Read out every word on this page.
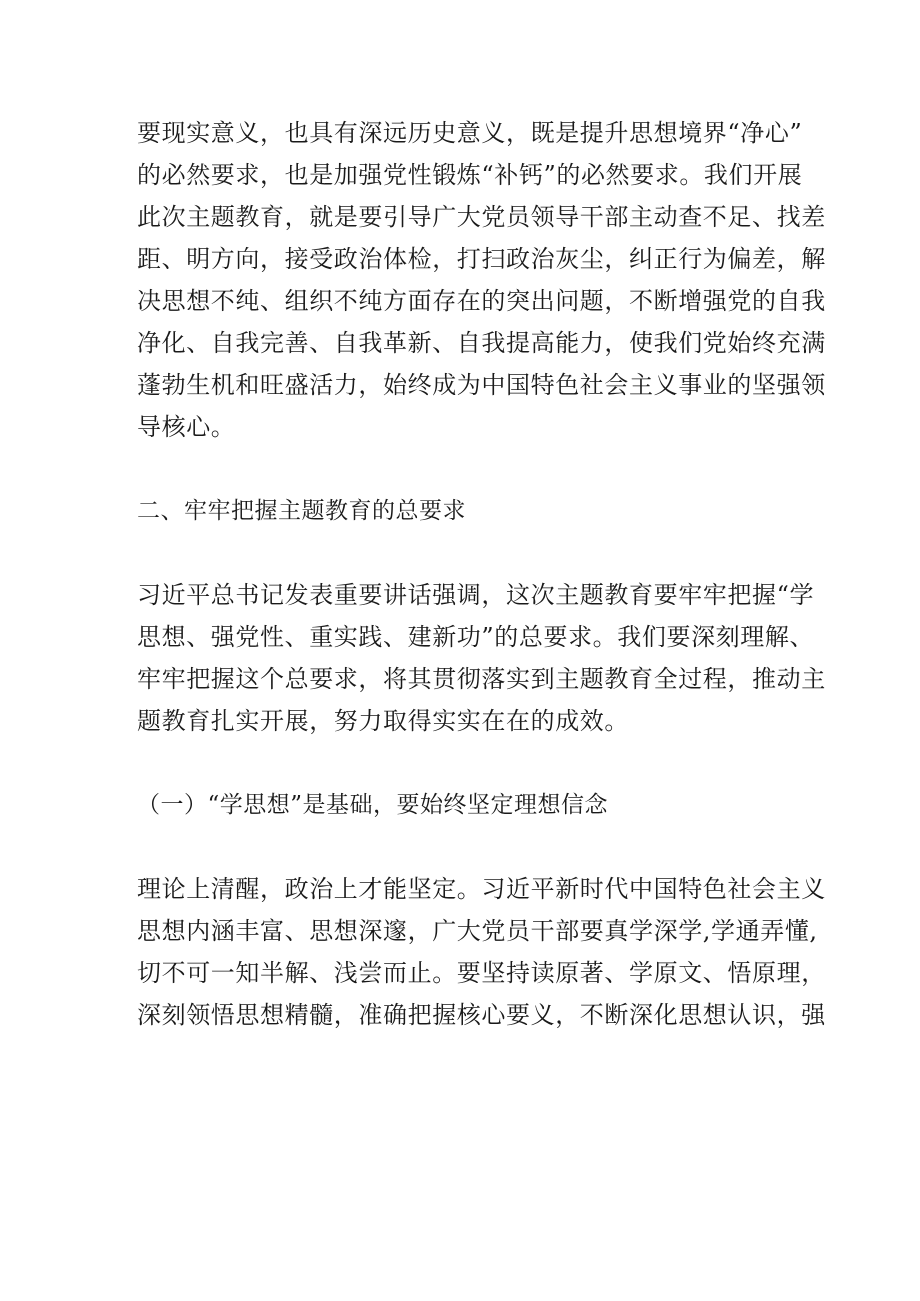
要现实意义，也具有深远历史意义，既是提升思想境界“净心”
的必然要求，也是加强党性锻炼“补钙”的必然要求。我们开展
此次主题教育，就是要引导广大党员领导干部主动查不足、找差
距、明方向，接受政治体检，打扫政治灰尘，纠正行为偏差，解
决思想不纯、组织不纯方面存在的突出问题，不断增强党的自我
净化、自我完善、自我革新、自我提高能力，使我们党始终充满
蓬勃生机和旺盛活力，始终成为中国特色社会主义事业的坚强领
导核心。
二、牢牢把握主题教育的总要求
习近平总书记发表重要讲话强调，这次主题教育要牢牢把握“学
思想、强党性、重实践、建新功”的总要求。我们要深刻理解、
牢牢把握这个总要求，将其贯彻落实到主题教育全过程，推动主
题教育扎实开展，努力取得实实在在的成效。
（一）“学思想”是基础，要始终坚定理想信念
理论上清醒，政治上才能坚定。习近平新时代中国特色社会主义
思想内涵丰富、思想深邃，广大党员干部要真学深学,学通弄懂,
切不可一知半解、浅尝而止。要坚持读原著、学原文、悟原理，
深刻领悟思想精髓，准确把握核心要义，不断深化思想认识，强
